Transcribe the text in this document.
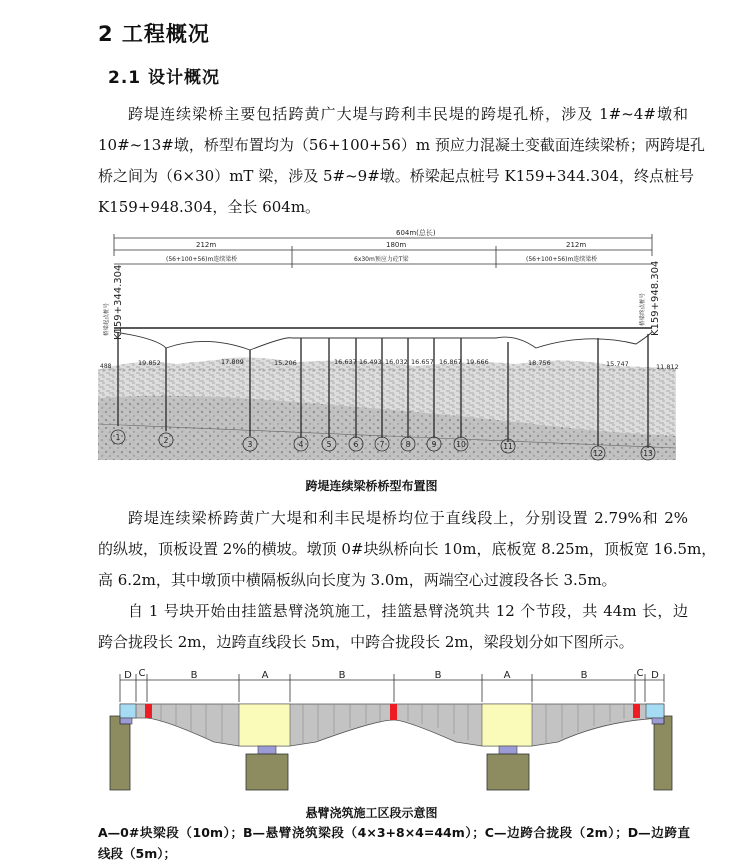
2 工程概况
2.1 设计概况
跨堤连续梁桥主要包括跨黄广大堤与跨利丰民堤的跨堤孔桥，涉及 1#~4#墩和
10#~13#墩，桥型布置均为（56+100+56）m 预应力混凝土变截面连续梁桥；两跨堤孔
桥之间为（6×30）mT 梁，涉及 5#~9#墩。桥梁起点桩号 K159+344.304，终点桩号
K159+948.304，全长 604m。
604m(总长)
212m	180m	212m
(56+100+56)m连续梁桥	6x30m预应力砼T梁	(56+100+56)m连续梁桥
桥梁起点桩号 K159+344.304	桥梁终点桩号 K159+948.304
488	19.852	17.809	15.206	16.637 16.493 16.032 16.657 16.867 19.666	18.756	15.747	11.812
1	2	3	4	5	6	7	8	9	10	11
12	13
跨堤连续梁桥桥型布置图
跨堤连续梁桥跨黄广大堤和利丰民堤桥均位于直线段上，分别设置 2.79%和 2%
的纵坡，顶板设置 2%的横坡。墩顶 0#块纵桥向长 10m，底板宽 8.25m，顶板宽 16.5m，
高 6.2m，其中墩顶中横隔板纵向长度为 3.0m，两端空心过渡段各长 3.5m。
自 1 号块开始由挂篮悬臂浇筑施工，挂篮悬臂浇筑共 12 个节段，共 44m 长，边
跨合拢段长 2m，边跨直线段长 5m，中跨合拢段长 2m，梁段划分如下图所示。
D C	B	A	B	B	A	B	C D
悬臂浇筑施工区段示意图
A—0#块梁段（10m）；B—悬臂浇筑梁段（4×3+8×4=44m）；C—边跨合拢段（2m）；D—边跨直
线段（5m）；
